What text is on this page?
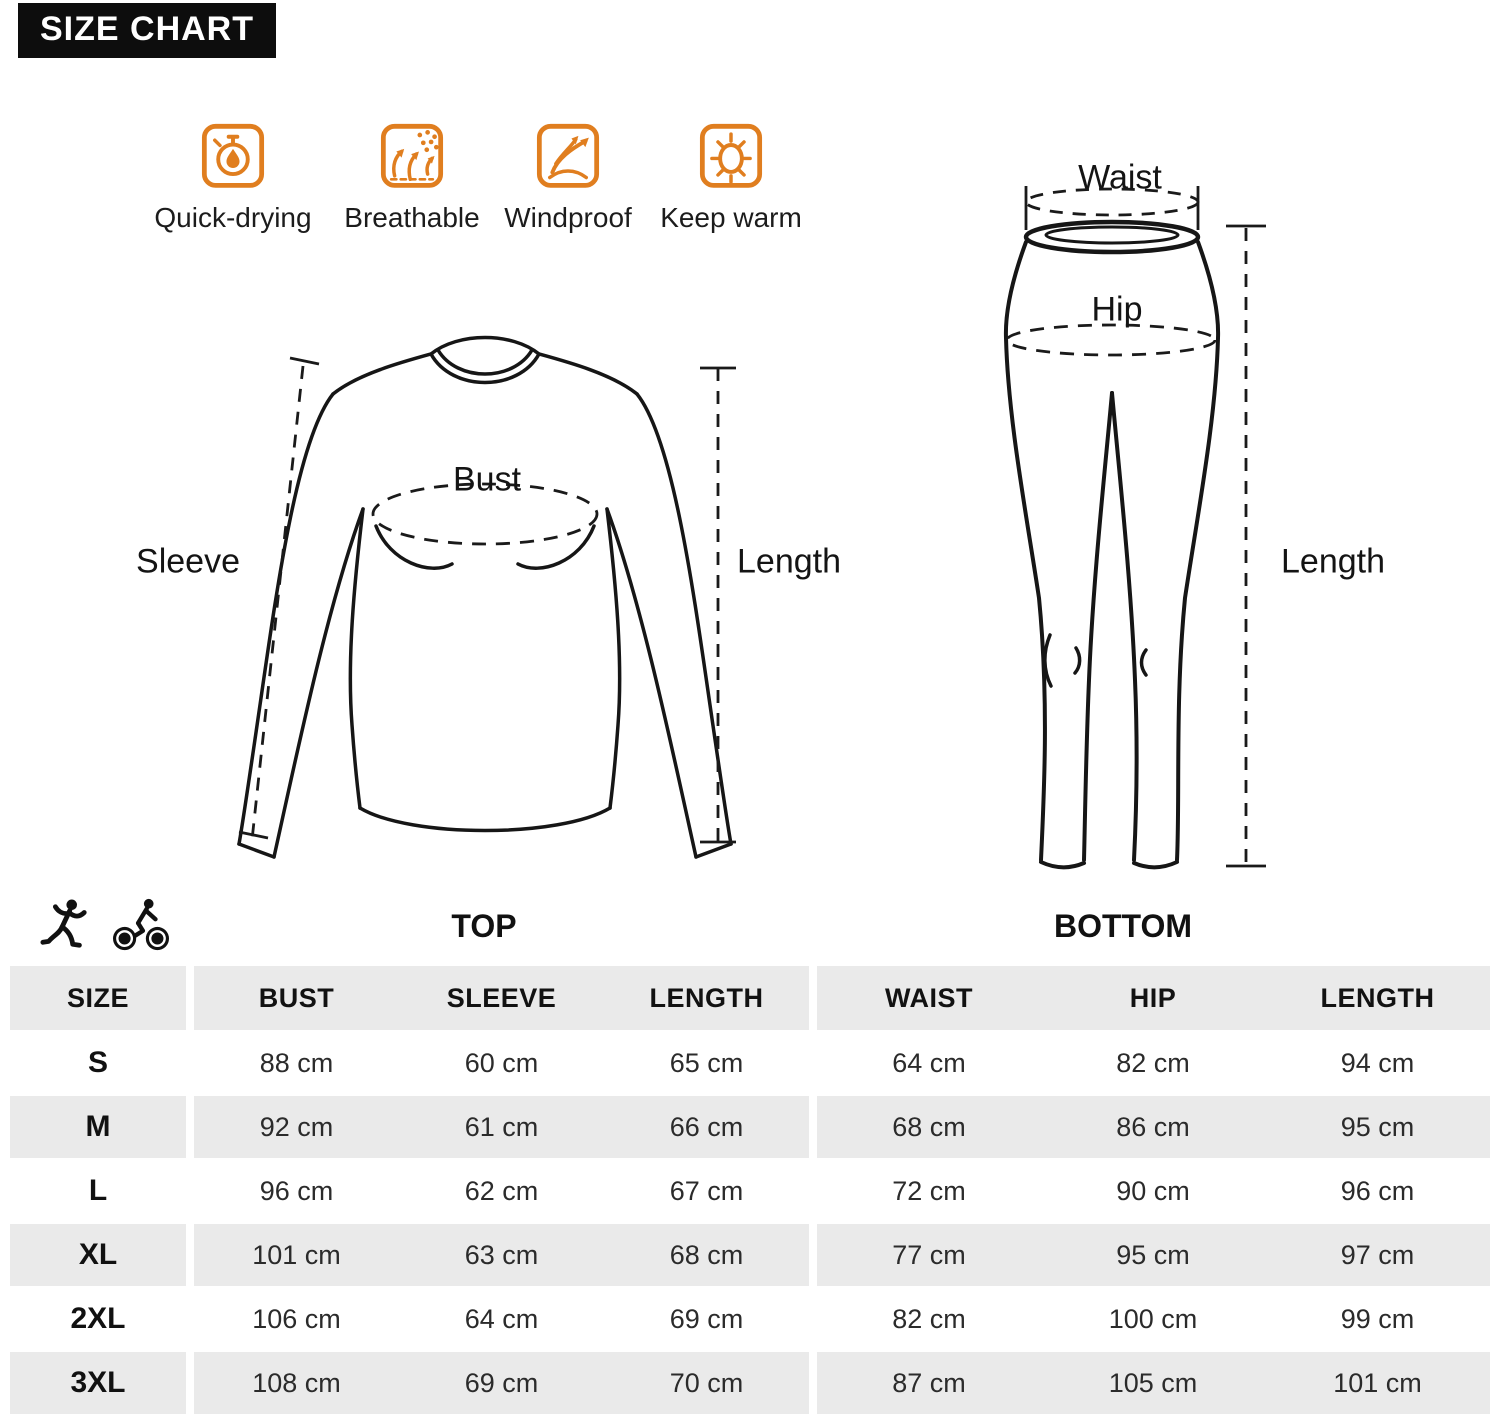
SIZE CHART
Quick-drying	Breathable Windproof	Keep warm
Bust
Sleeve	Length
Waist
Hip
Length
TOP	BOTTOM
SIZE	BUST	SLEEVE	LENGTH	WAIST	HIP	LENGTH
S	88 cm	60 cm	65 cm	64 cm	82 cm	94 cm
M	92 cm	61 cm	66 cm	68 cm	86 cm	95 cm
L	96 cm	62 cm	67 cm	72 cm	90 cm	96 cm
XL	101 cm	63 cm	68 cm	77 cm	95 cm	97 cm
2XL	106 cm	64 cm	69 cm	82 cm	100 cm	99 cm
3XL	108 cm	69 cm	70 cm	87 cm	105 cm	101 cm
